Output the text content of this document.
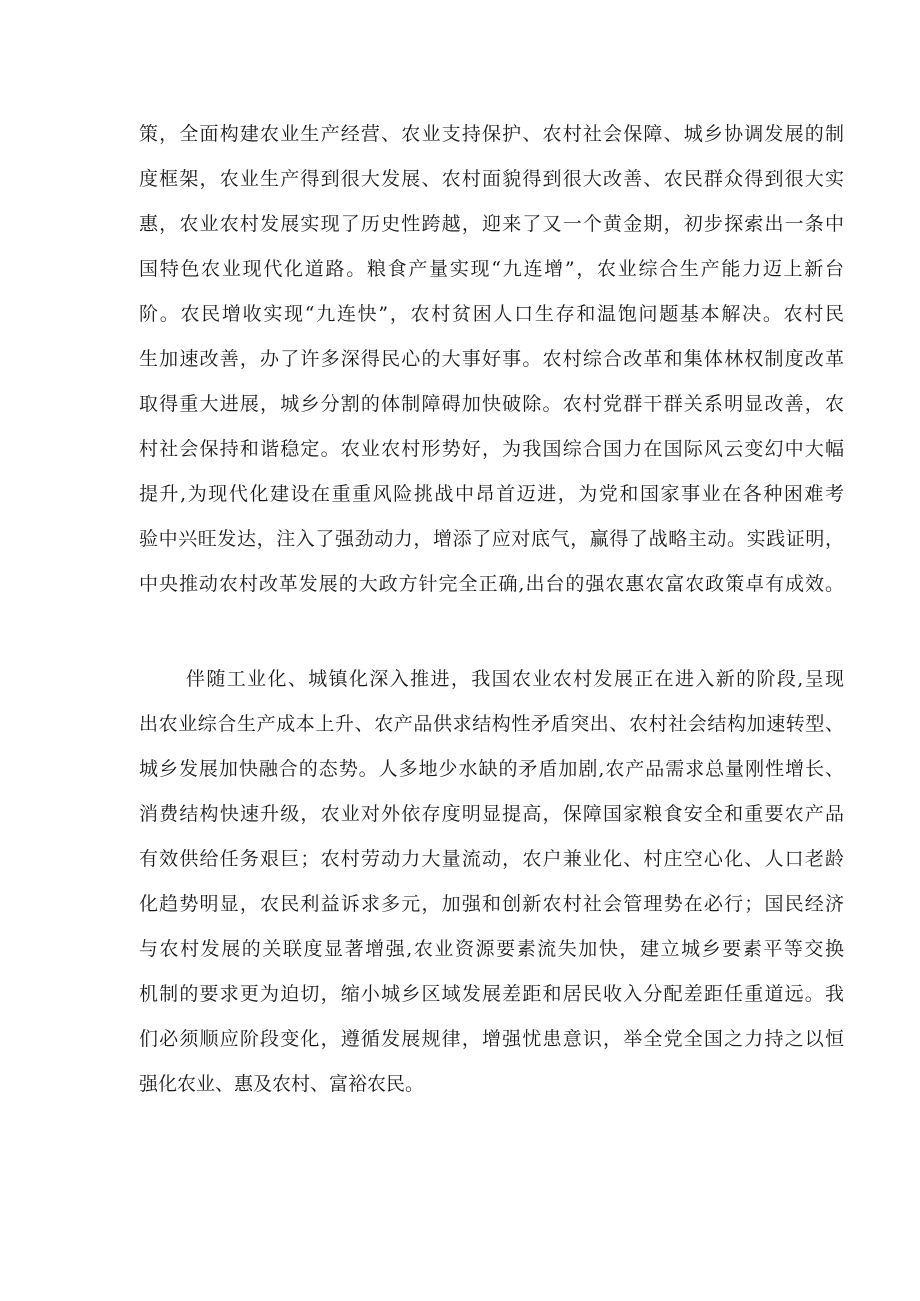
策，全面构建农业生产经营、农业支持保护、农村社会保障、城乡协调发展的制
度框架，农业生产得到很大发展、农村面貌得到很大改善、农民群众得到很大实
惠，农业农村发展实现了历史性跨越，迎来了又一个黄金期，初步探索出一条中
国特色农业现代化道路。粮食产量实现“九连增”，农业综合生产能力迈上新台
阶。农民增收实现“九连快”，农村贫困人口生存和温饱问题基本解决。农村民
生加速改善，办了许多深得民心的大事好事。农村综合改革和集体林权制度改革
取得重大进展，城乡分割的体制障碍加快破除。农村党群干群关系明显改善，农
村社会保持和谐稳定。农业农村形势好，为我国综合国力在国际风云变幻中大幅
提升,为现代化建设在重重风险挑战中昂首迈进，为党和国家事业在各种困难考
验中兴旺发达，注入了强劲动力，增添了应对底气，赢得了战略主动。实践证明，
中央推动农村改革发展的大政方针完全正确,出台的强农惠农富农政策卓有成效。
伴随工业化、城镇化深入推进，我国农业农村发展正在进入新的阶段,呈现
出农业综合生产成本上升、农产品供求结构性矛盾突出、农村社会结构加速转型、
城乡发展加快融合的态势。人多地少水缺的矛盾加剧,农产品需求总量刚性增长、
消费结构快速升级，农业对外依存度明显提高，保障国家粮食安全和重要农产品
有效供给任务艰巨；农村劳动力大量流动，农户兼业化、村庄空心化、人口老龄
化趋势明显，农民利益诉求多元，加强和创新农村社会管理势在必行；国民经济
与农村发展的关联度显著增强,农业资源要素流失加快，建立城乡要素平等交换
机制的要求更为迫切，缩小城乡区域发展差距和居民收入分配差距任重道远。我
们必须顺应阶段变化，遵循发展规律，增强忧患意识，举全党全国之力持之以恒
强化农业、惠及农村、富裕农民。
